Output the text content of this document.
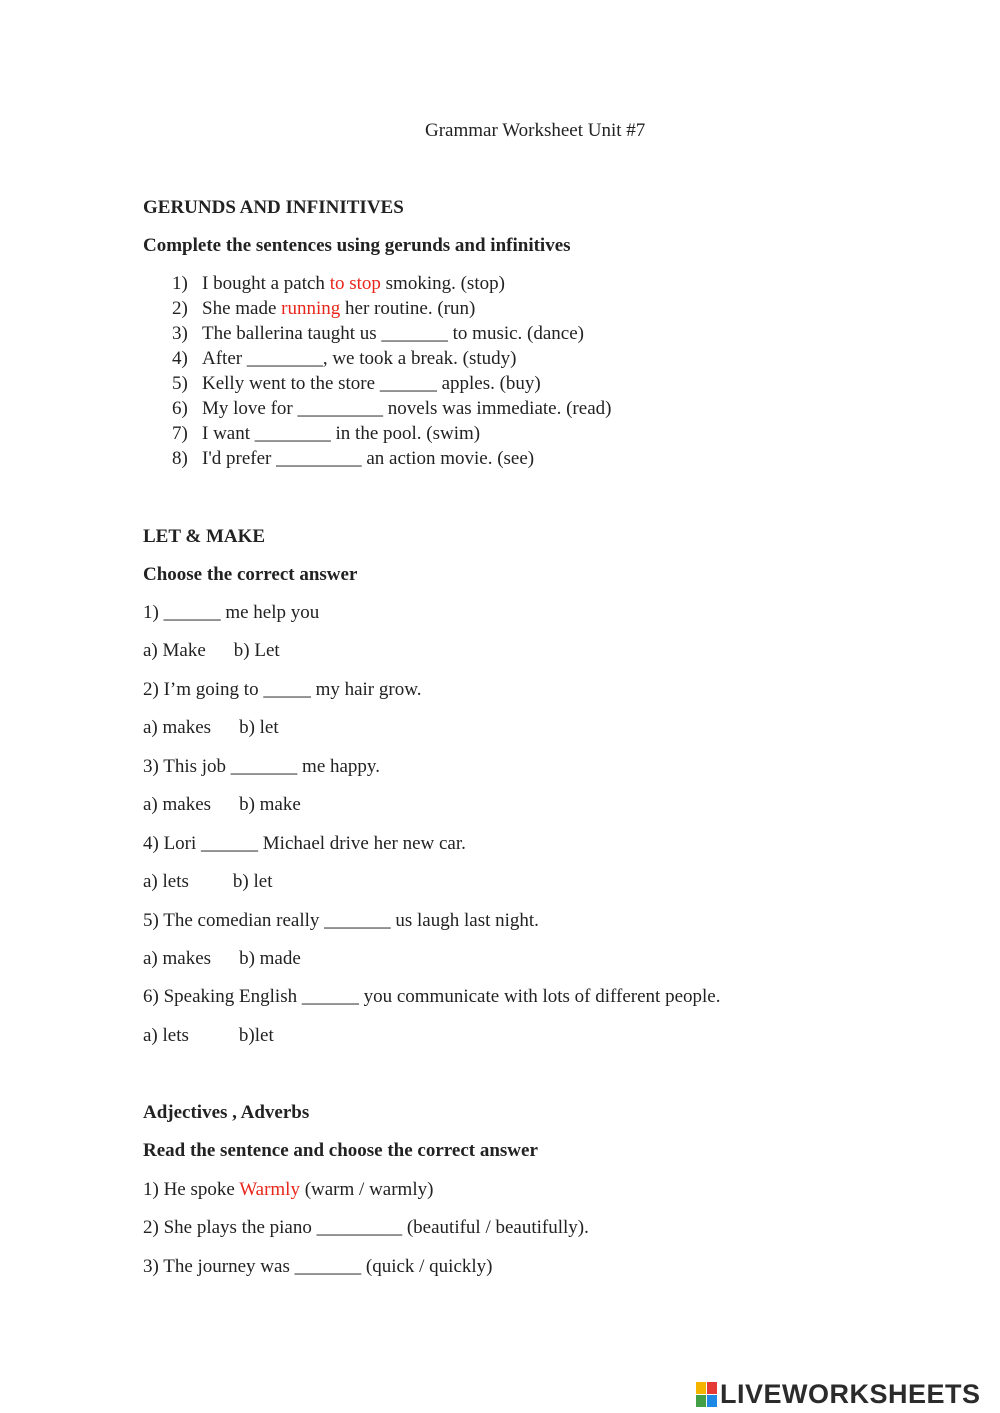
Grammar Worksheet Unit #7
GERUNDS AND INFINITIVES
Complete the sentences using gerunds and infinitives
1) I bought a patch to stop smoking. (stop)
2) She made running her routine. (run)
3) The ballerina taught us _______ to music. (dance)
4) After ________, we took a break. (study)
5) Kelly went to the store ______ apples. (buy)
6) My love for _________ novels was immediate. (read)
7) I want ________ in the pool. (swim)
8) I'd prefer _________ an action movie. (see)
LET & MAKE
Choose the correct answer
1) ______ me help you
a) Make b) Let
2) I’m going to _____ my hair grow.
a) makes b) let
3) This job _______ me happy.
a) makes b) make
4) Lori ______ Michael drive her new car.
a) lets b) let
5) The comedian really _______ us laugh last night.
a) makes b) made
6) Speaking English ______ you communicate with lots of different people.
a) lets	b)let
Adjectives , Adverbs
Read the sentence and choose the correct answer
1) He spoke Warmly (warm / warmly)
2) She plays the piano _________ (beautiful / beautifully).
3) The journey was _______ (quick / quickly)
LIVEWORKSHEETS
